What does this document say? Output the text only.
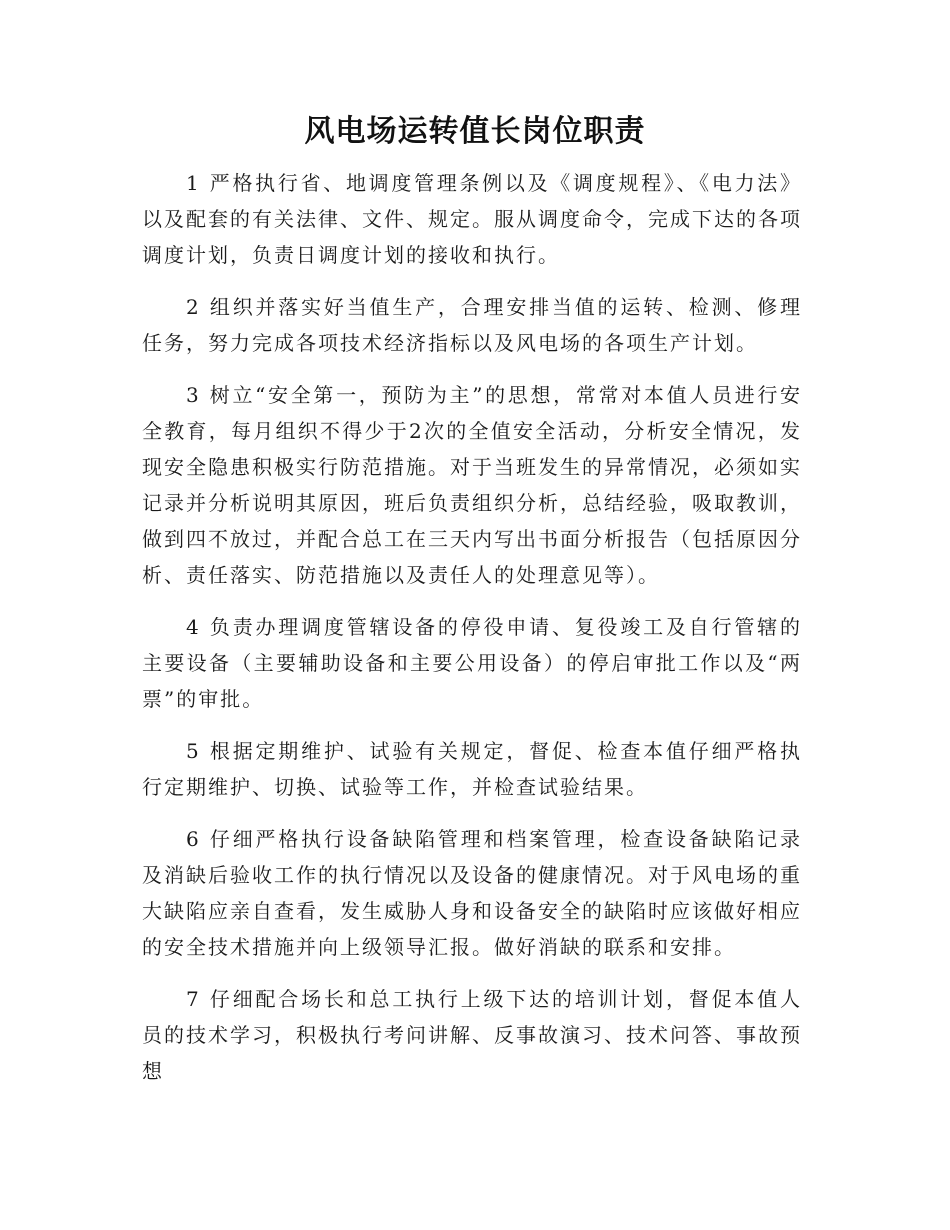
风电场运转值长岗位职责

1 严格执行省、地调度管理条例以及《调度规程》、《电力法》以及配套的有关法律、文件、规定。服从调度命令，完成下达的各项调度计划，负责日调度计划的接收和执行。

2 组织并落实好当值生产，合理安排当值的运转、检测、修理任务，努力完成各项技术经济指标以及风电场的各项生产计划。

3 树立“安全第一，预防为主”的思想，常常对本值人员进行安全教育，每月组织不得少于2次的全值安全活动，分析安全情况，发现安全隐患积极实行防范措施。对于当班发生的异常情况，必须如实记录并分析说明其原因，班后负责组织分析，总结经验，吸取教训，做到四不放过，并配合总工在三天内写出书面分析报告（包括原因分析、责任落实、防范措施以及责任人的处理意见等）。

4 负责办理调度管辖设备的停役申请、复役竣工及自行管辖的主要设备（主要辅助设备和主要公用设备）的停启审批工作以及“两票”的审批。

5 根据定期维护、试验有关规定，督促、检查本值仔细严格执行定期维护、切换、试验等工作，并检查试验结果。

6 仔细严格执行设备缺陷管理和档案管理，检查设备缺陷记录及消缺后验收工作的执行情况以及设备的健康情况。对于风电场的重大缺陷应亲自查看，发生威胁人身和设备安全的缺陷时应该做好相应的安全技术措施并向上级领导汇报。做好消缺的联系和安排。

7 仔细配合场长和总工执行上级下达的培训计划，督促本值人员的技术学习，积极执行考问讲解、反事故演习、技术问答、事故预想
